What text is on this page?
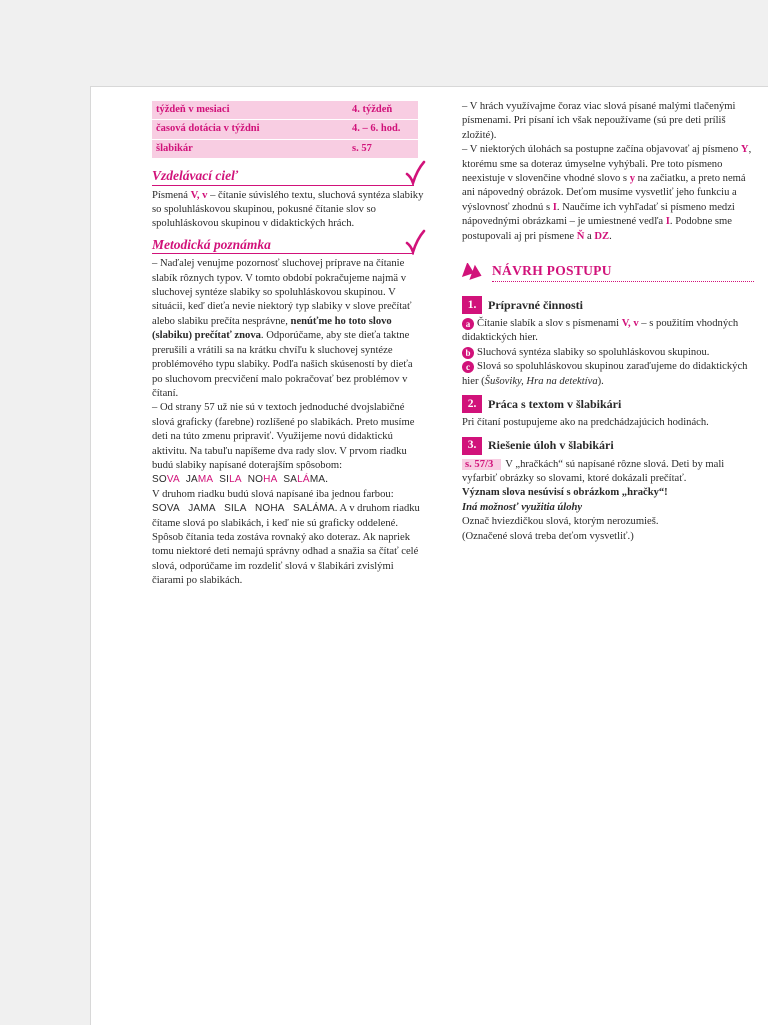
týždeň v mesiaci	4. týždeň
časová dotácia v týždni	4. – 6. hod.
šlabikár	s. 57
Vzdelávací cieľ

Písmená V, v – čítanie súvislého textu, sluchová syntéza slabiky so spoluhláskovou skupinou, pokusné čítanie slov so spoluhláskovou skupinou v didaktických hrách.

Metodická poznámka

– Naďalej venujme pozornosť sluchovej príprave na čítanie slabík rôznych typov. V tomto období pokračujeme najmä v sluchovej syntéze slabiky so spoluhláskovou skupinou. V situácii, keď dieťa nevie niektorý typ slabiky v slove prečítať alebo slabiku prečíta nesprávne, nenúťme ho toto slovo (slabiku) prečítať znova. Odporúčame, aby ste dieťa taktne prerušili a vrátili sa na krátku chvíľu k sluchovej syntéze problémového typu slabiky. Podľa našich skúseností by dieťa po sluchovom precvičení malo pokračovať bez problémov v čítaní.

– Od strany 57 už nie sú v textoch jednoduché dvojslabičné slová graficky (farebne) rozlíšené po slabikách. Preto musíme deti na túto zmenu pripraviť. Využijeme novú didaktickú aktivitu. Na tabuľu napíšeme dva rady slov. V prvom riadku budú slabiky napísané doterajším spôsobom: SOVA JAMA SILA NOHA SALÁMA.

V druhom riadku budú slová napísané iba jednou farbou: SOVA   JAMA   SILA   NOHA   SALÁMA. A v druhom riadku čítame slová po slabikách, i keď nie sú graficky oddelené. Spôsob čítania teda zostáva rovnaký ako doteraz. Ak napriek tomu niektoré deti nemajú správny odhad a snažia sa čítať celé slová, odporúčame im rozdeliť slová v šlabikári zvislými čiarami po slabikách.

– V hrách využívajme čoraz viac slová písané malými tlačenými písmenami. Pri písaní ich však nepoužívame (sú pre deti príliš zložité).

– V niektorých úlohách sa postupne začína objavovať aj písmeno Y, ktorému sme sa doteraz úmyselne vyhýbali. Pre toto písmeno neexistuje v slovenčine vhodné slovo s y na začiatku, a preto nemá ani nápovedný obrázok. Deťom musíme vysvetliť jeho funkciu a výslovnosť zhodnú s I. Naučíme ich vyhľadať si písmeno medzi nápovednými obrázkami – je umiestnené vedľa I. Podobne sme postupovali aj pri písmene Ň a DZ.

NÁVRH POSTUPU
1. Prípravné činnosti

a Čítanie slabík a slov s písmenami V, v – s použitím vhodných didaktických hier.

b Sluchová syntéza slabiky so spoluhláskovou skupinou.

c Slová so spoluhláskovou skupinou zaraďujeme do didaktických hier (Šušoviky, Hra na detektíva).

2. Práca s textom v šlabikári

Pri čítaní postupujeme ako na predchádzajúcich hodinách.

3. Riešenie úloh v šlabikári

s. 57/3 V „hračkách“ sú napísané rôzne slová. Deti by mali vyfarbiť obrázky so slovami, ktoré dokázali prečítať.

Význam slova nesúvisí s obrázkom „hračky“!

Iná možnosť využitia úlohy

Označ hviezdičkou slová, ktorým nerozumieš.

(Označené slová treba deťom vysvetliť.)
